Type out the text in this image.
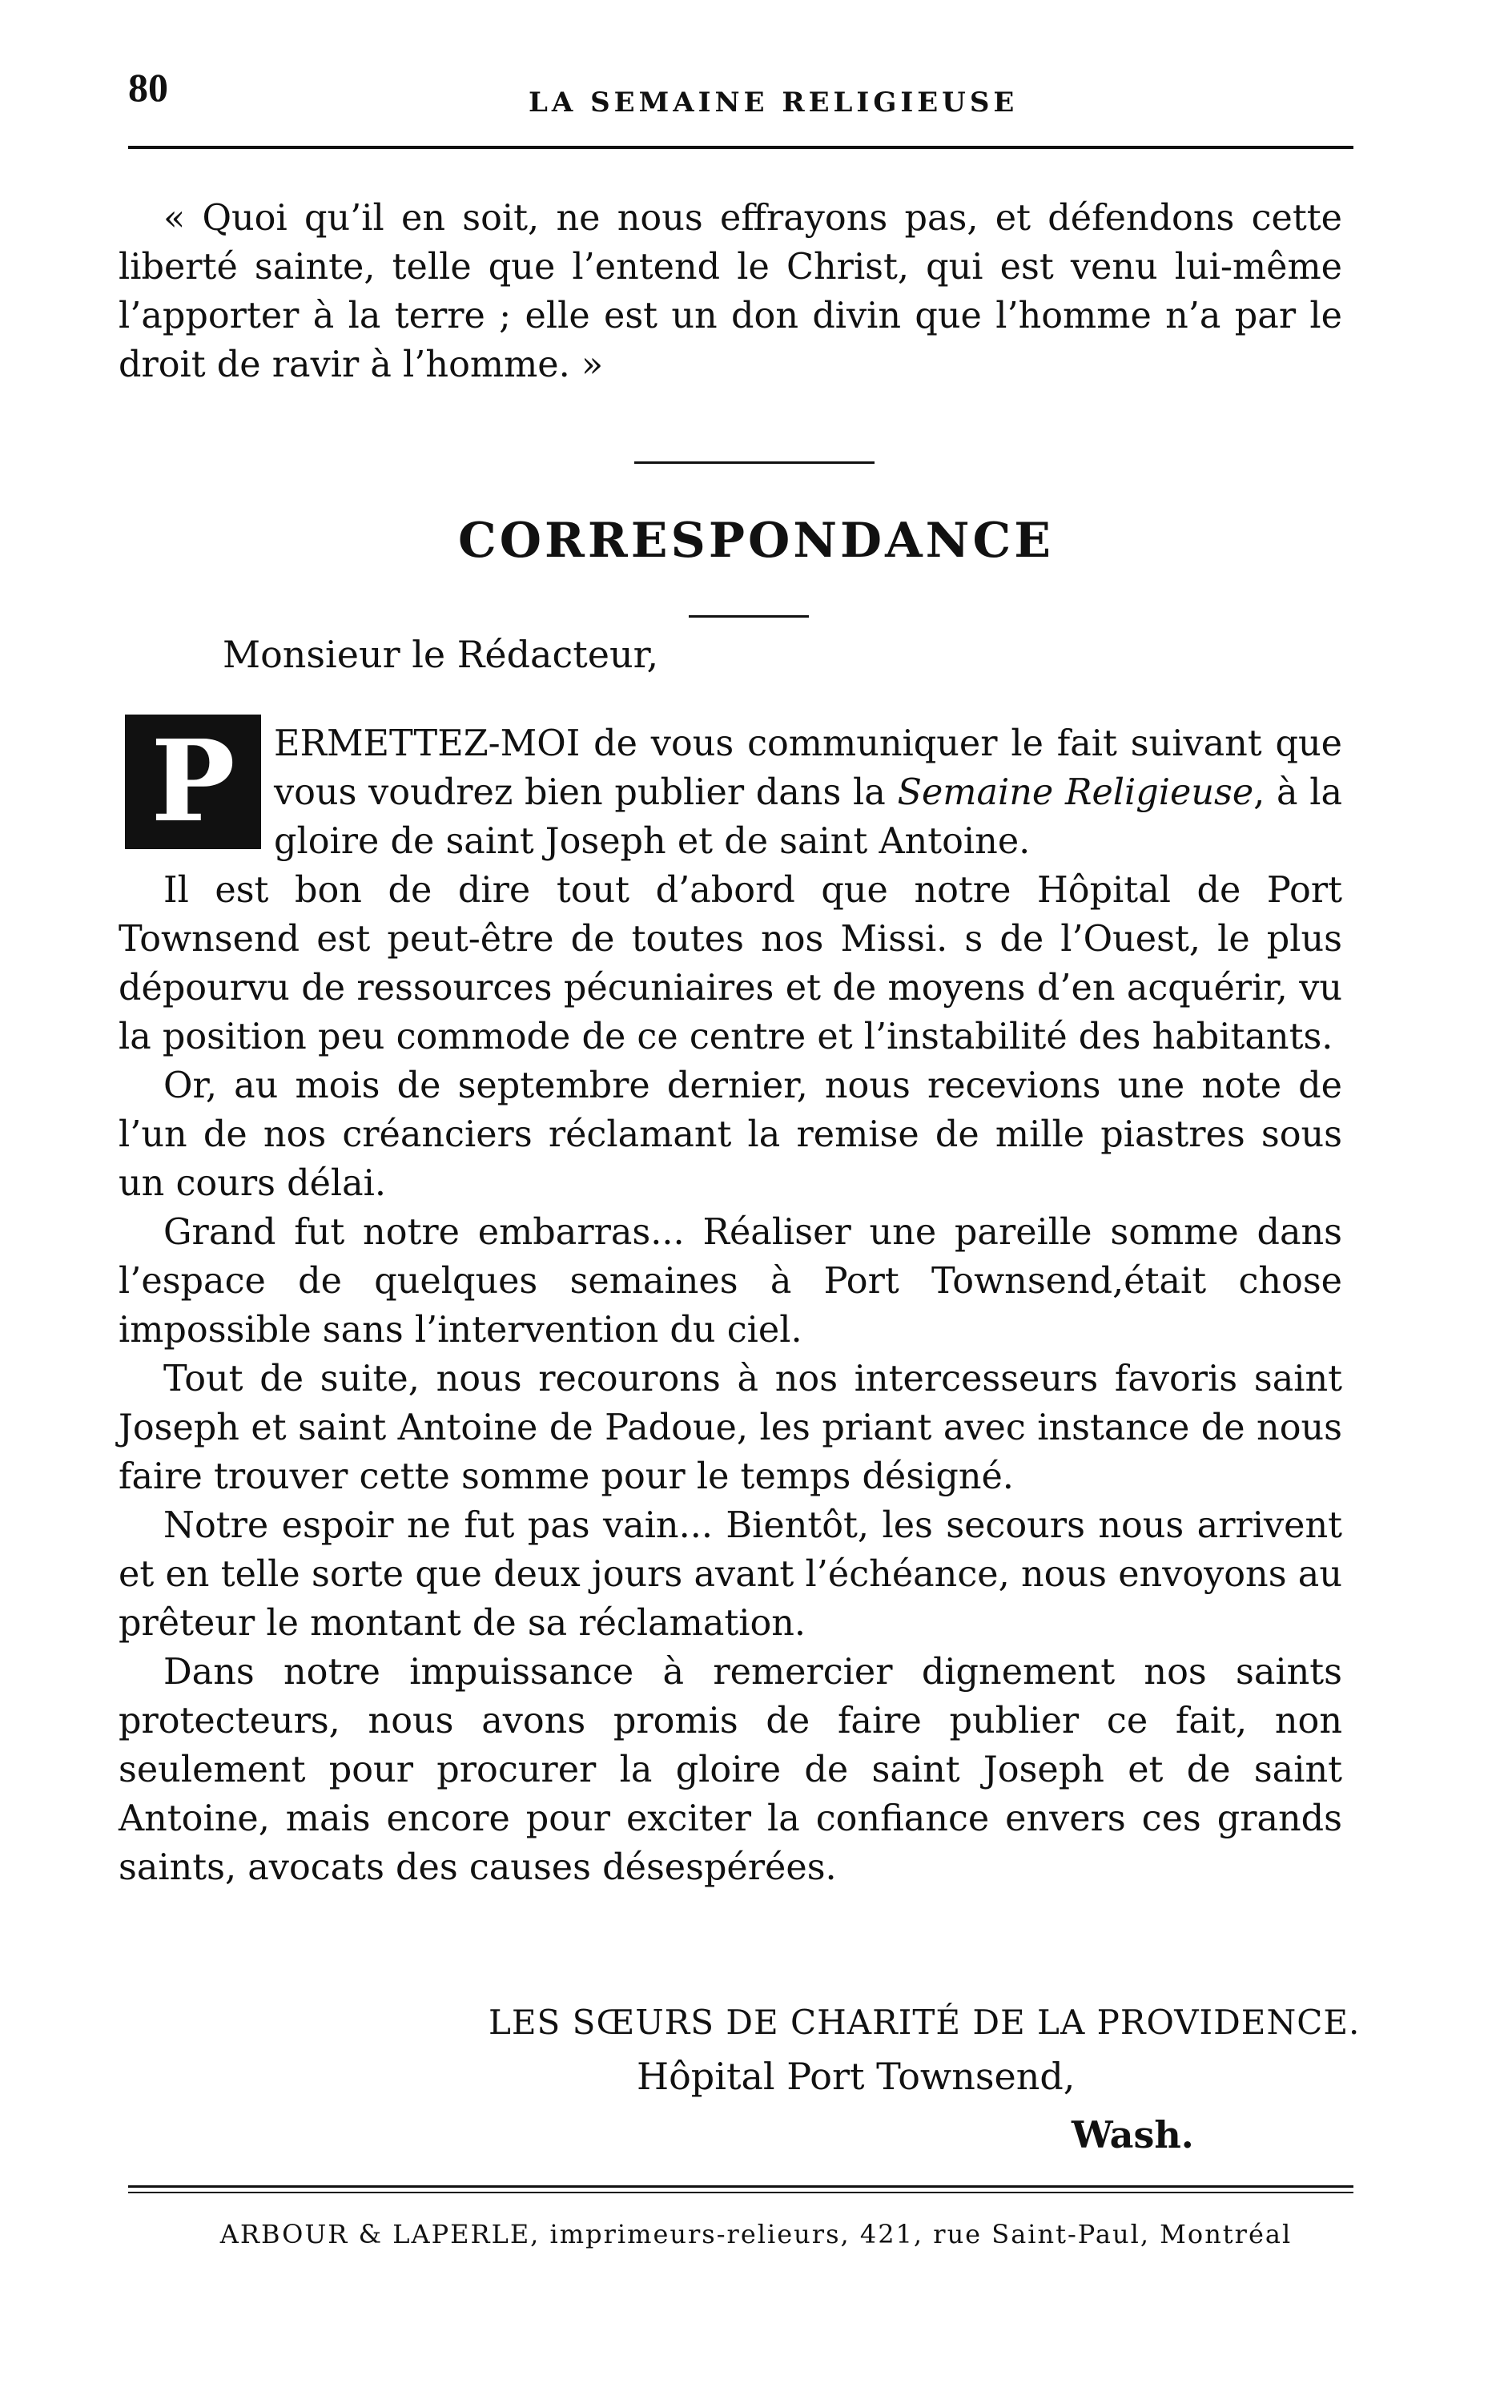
80	LA SEMAINE RELIGIEUSE

« Quoi qu’il en soit, ne nous effrayons pas, et défendons cette liberté sainte, telle que l’entend le Christ, qui est venu lui-même l’apporter à la terre ; elle est un don divin que l’homme n’a par le droit de ravir à l’homme. »

CORRESPONDANCE
Monsieur le Rédacteur,
P	ERMETTEZ-MOI de vous communiquer le fait suivant que vous voudrez bien publier dans la Semaine Religieuse, à la gloire de saint Joseph et de saint Antoine.

Il est bon de dire tout d’abord que notre Hôpital de Port Townsend est peut-être de toutes nos Missi. s de l’Ouest, le plus dépourvu de ressources pécuniaires et de moyens d’en acquérir, vu la position peu commode de ce centre et l’instabilité des habitants.

Or, au mois de septembre dernier, nous recevions une note de l’un de nos créanciers réclamant la remise de mille piastres sous un cours délai.

Grand fut notre embarras... Réaliser une pareille somme dans l’espace de quelques semaines à Port Townsend,était chose impossible sans l’intervention du ciel.

Tout de suite, nous recourons à nos intercesseurs favoris saint Joseph et saint Antoine de Padoue, les priant avec instance de nous faire trouver cette somme pour le temps désigné.

Notre espoir ne fut pas vain... Bientôt, les secours nous arrivent et en telle sorte que deux jours avant l’échéance, nous envoyons au prêteur le montant de sa réclamation.

Dans notre impuissance à remercier dignement nos saints protecteurs, nous avons promis de faire publier ce fait, non seulement pour procurer la gloire de saint Joseph et de saint Antoine, mais encore pour exciter la confiance envers ces grands saints, avocats des causes désespérées.

LES SŒURS DE CHARITÉ DE LA PROVIDENCE.
Hôpital Port Townsend,
Wash.
ARBOUR & LAPERLE, imprimeurs-relieurs, 421, rue Saint-Paul, Montréal
